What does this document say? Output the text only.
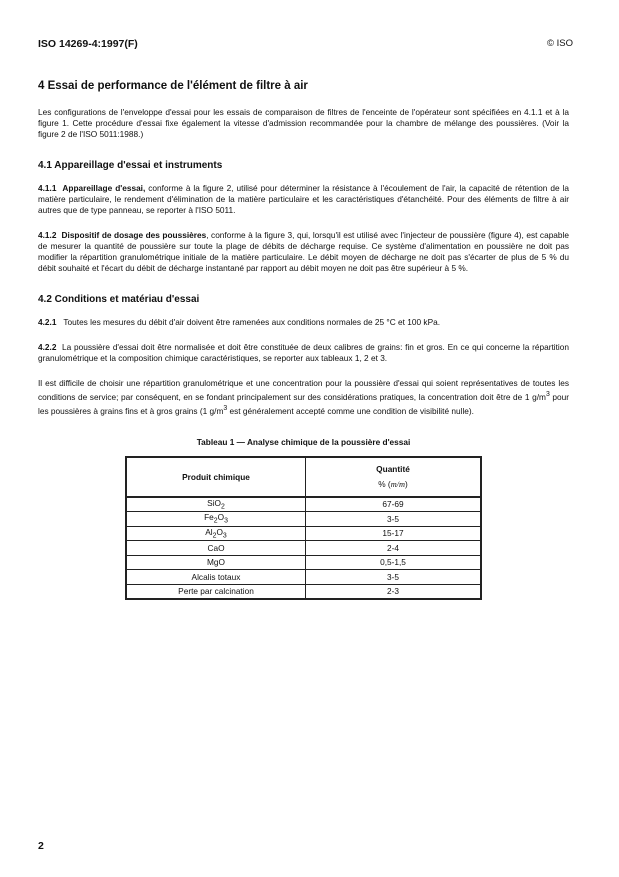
ISO 14269-4:1997(F)	© ISO
4 Essai de performance de l'élément de filtre à air

Les configurations de l'enveloppe d'essai pour les essais de comparaison de filtres de l'enceinte de l'opérateur sont spécifiées en 4.1.1 et à la figure 1. Cette procédure d'essai fixe également la vitesse d'admission recommandée pour la chambre de mélange des poussières. (Voir la figure 2 de l'ISO 5011:1988.)

4.1 Appareillage d'essai et instruments

4.1.1 Appareillage d'essai, conforme à la figure 2, utilisé pour déterminer la résistance à l'écoulement de l'air, la capacité de rétention de la matière particulaire, le rendement d'élimination de la matière particulaire et les caractéristiques d'étanchéité. Pour des éléments de filtre à air autres que de type panneau, se reporter à l'ISO 5011.

4.1.2 Dispositif de dosage des poussières, conforme à la figure 3, qui, lorsqu'il est utilisé avec l'injecteur de poussière (figure 4), est capable de mesurer la quantité de poussière sur toute la plage de débits de décharge requise. Ce système d'alimentation en poussière ne doit pas modifier la répartition granulométrique initiale de la matière particulaire. Le débit moyen de décharge ne doit pas s'écarter de plus de 5 % du débit souhaité et l'écart du débit de décharge instantané par rapport au débit moyen ne doit pas être supérieur à 5 %.

4.2 Conditions et matériau d'essai

4.2.1 Toutes les mesures du débit d'air doivent être ramenées aux conditions normales de 25 °C et 100 kPa.

4.2.2 La poussière d'essai doit être normalisée et doit être constituée de deux calibres de grains: fin et gros. En ce qui concerne la répartition granulométrique et la composition chimique caractéristiques, se reporter aux tableaux 1, 2 et 3.

Il est difficile de choisir une répartition granulométrique et une concentration pour la poussière d'essai qui soient représentatives de toutes les conditions de service; par conséquent, en se fondant principalement sur des considérations pratiques, la concentration doit être de 1 $g/m^3$ pour les poussières à grains fins et à gros grains (1 $g/m^3$ est généralement accepté comme une condition de visibilité nulle).

Tableau 1 — Analyse chimique de la poussière d'essai
Produit chimique	Quantité
% (m/m)

SiO$_2$	67-69
$Fe_2O_3$	3-5
$Al_2O_3$	15-17
CaO	2-4
MgO	0,5-1,5
Alcalis totaux	3-5
Perte par calcination	2-3
2
